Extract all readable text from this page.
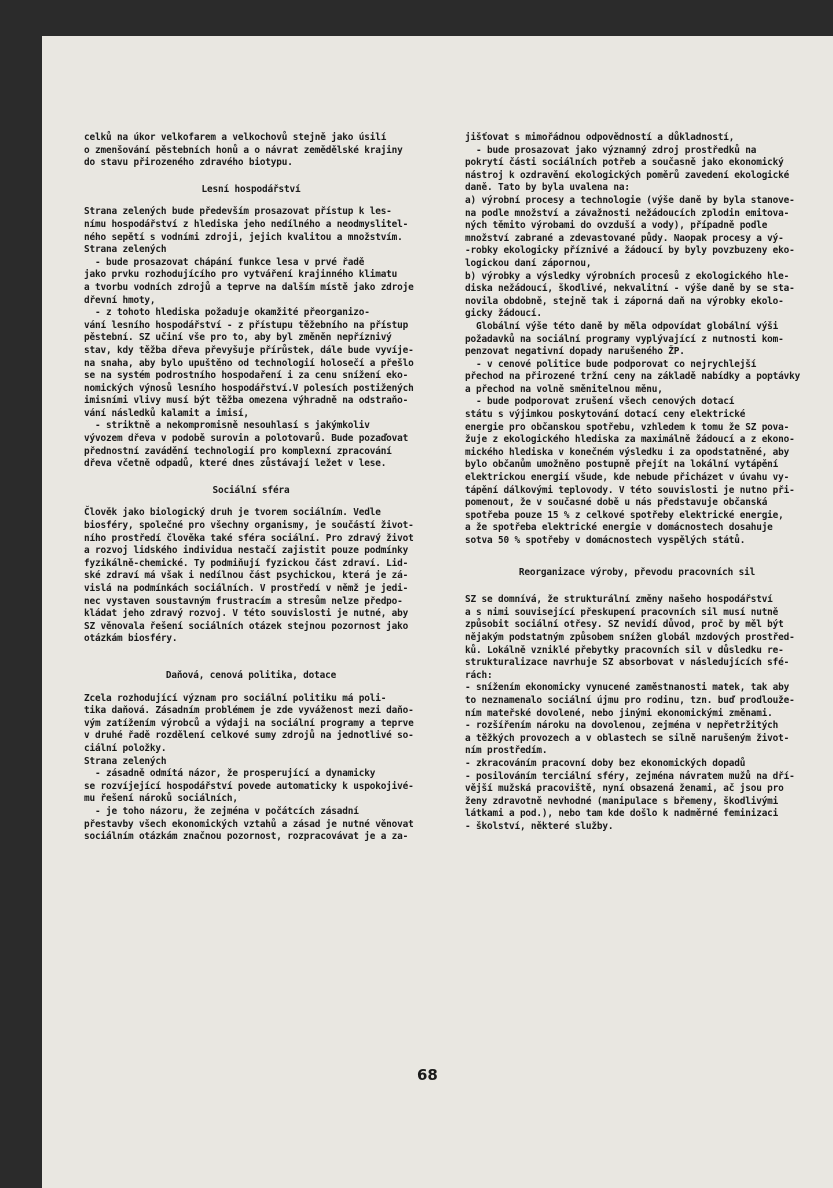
celků na úkor velkofarem a velkochovů stejně jako úsilí
o zmenšování pěstebních honů a o návrat zemědělské krajiny
do stavu přirozeného zdravého biotypu.
Lesní hospodářství
Strana zelených bude především prosazovat přístup k les-
nímu hospodářství z hlediska jeho nedílného a neodmyslitel-
ného sepětí s vodními zdroji, jejich kvalitou a množstvím.
Strana zelených
- bude prosazovat chápání funkce lesa v prvé řadě
jako prvku rozhodujícího pro vytváření krajinného klimatu
a tvorbu vodních zdrojů a teprve na dalším místě jako zdroje
dřevní hmoty,
- z tohoto hlediska požaduje okamžité přeorganizo-
vání lesního hospodářství - z přístupu těžebního na přístup
pěstební. SZ učiní vše pro to, aby byl změněn nepříznivý
stav, kdy těžba dřeva převyšuje přírůstek, dále bude vyvíje-
na snaha, aby bylo upuštěno od technologií holosečí a přešlo
se na systém podrostního hospodaření i za cenu snížení eko-
nomických výnosů lesního hospodářství.V polesích postižených
imisními vlivy musí být těžba omezena výhradně na odstraňo-
vání následků kalamit a imisí,
- striktně a nekompromisně nesouhlasí s jakýmkoliv
vývozem dřeva v podobě surovin a polotovarů. Bude pozaďovat
přednostní zavádění technologií pro komplexní zpracování
dřeva včetně odpadů, které dnes zůstávají ležet v lese.
Sociální sféra
Člověk jako biologický druh je tvorem sociálním. Vedle
biosféry, společné pro všechny organismy, je součástí život-
ního prostředí člověka také sféra sociální. Pro zdravý život
a rozvoj lidského individua nestačí zajistit pouze podmínky
fyzikálně-chemické. Ty podmiňují fyzickou část zdraví. Lid-
ské zdraví má však i nedílnou část psychickou, která je zá-
vislá na podmínkách sociálních. V prostředí v němž je jedi-
nec vystaven soustavným frustracím a stresům nelze předpo-
kládat jeho zdravý rozvoj. V této souvislosti je nutné, aby
SZ věnovala řešení sociálních otázek stejnou pozornost jako
otázkám biosféry.
Daňová, cenová politika, dotace
Zcela rozhodující význam pro sociální politiku má poli-
tika daňová. Zásadním problémem je zde vyváženost mezi daňo-
vým zatížením výrobců a výdaji na sociální programy a teprve
v druhé řadě rozdělení celkové sumy zdrojů na jednotlivé so-
ciální položky.
Strana zelených
- zásadně odmítá názor, že prosperující a dynamicky
se rozvíjející hospodářství povede automaticky k uspokojivé-
mu řešení nároků sociálních,
- je toho názoru, že zejména v počátcích zásadní
přestavby všech ekonomických vztahů a zásad je nutné věnovat
sociálním otázkám značnou pozornost, rozpracovávat je a za-
jišťovat s mimořádnou odpovědností a důkladností,
- bude prosazovat jako významný zdroj prostředků na
pokrytí části sociálních potřeb a současně jako ekonomický
nástroj k ozdravění ekologických poměrů zavedení ekologické
daně. Tato by byla uvalena na:
a) výrobní procesy a technologie (výše daně by byla stanove-
na podle množství a závažnosti nežádoucích zplodin emitova-
ných těmito výrobami do ovzduší a vody), případně podle
množství zabrané a zdevastované půdy. Naopak procesy a vý-
-robky ekologicky příznivé a žádoucí by byly povzbuzeny eko-
logickou daní zápornou,
b) výrobky a výsledky výrobních procesů z ekologického hle-
diska nežádoucí, škodlivé, nekvalitní - výše daně by se sta-
novila obdobně, stejně tak i záporná daň na výrobky ekolo-
gicky žádoucí.
Globální výše této daně by měla odpovídat globální výši
požadavků na sociální programy vyplývající z nutnosti kom-
penzovat negativní dopady narušeného ŽP.
- v cenové politice bude podporovat co nejrychlejší
přechod na přirozené tržní ceny na základě nabídky a poptávky
a přechod na volně směnitelnou měnu,
- bude podporovat zrušení všech cenových dotací
státu s výjimkou poskytování dotací ceny elektrické
energie pro občanskou spotřebu, vzhledem k tomu že SZ pova-
žuje z ekologického hlediska za maximálně žádoucí a z ekono-
mického hlediska v konečném výsledku i za opodstatněné, aby
bylo občanům umožněno postupně přejít na lokální vytápění
elektrickou energií všude, kde nebude přicházet v úvahu vy-
tápění dálkovými teplovody. V této souvislosti je nutno při-
pomenout, že v současné době u nás představuje občanská
spotřeba pouze 15 % z celkové spotřeby elektrické energie,
a že spotřeba elektrické energie v domácnostech dosahuje
sotva 50 % spotřeby v domácnostech vyspělých států.
Reorganizace výroby, převodu pracovních sil
SZ se domnívá, že strukturální změny našeho hospodářství
a s nimi související přeskupení pracovních sil musí nutně
způsobit sociální otřesy. SZ nevidí důvod, proč by měl být
nějakým podstatným způsobem snížen globál mzdových prostřed-
ků. Lokálně vzniklé přebytky pracovních sil v důsledku re-
strukturalizace navrhuje SZ absorbovat v následujících sfé-
rách:
- snížením ekonomicky vynucené zaměstnanosti matek, tak aby
to neznamenalo sociální újmu pro rodinu, tzn. buď prodlouže-
ním mateřské dovolené, nebo jinými ekonomickými změnami.
- rozšířením nároku na dovolenou, zejména v nepřetržitých
a těžkých provozech a v oblastech se silně narušeným život-
ním prostředím.
- zkracováním pracovní doby bez ekonomických dopadů
- posilováním terciální sféry, zejména návratem mužů na dří-
vější mužská pracoviště, nyní obsazená ženami, ač jsou pro
ženy zdravotně nevhodné (manipulace s břemeny, škodlivými
látkami a pod.), nebo tam kde došlo k nadměrné feminizaci
- školství, některé služby.
68
